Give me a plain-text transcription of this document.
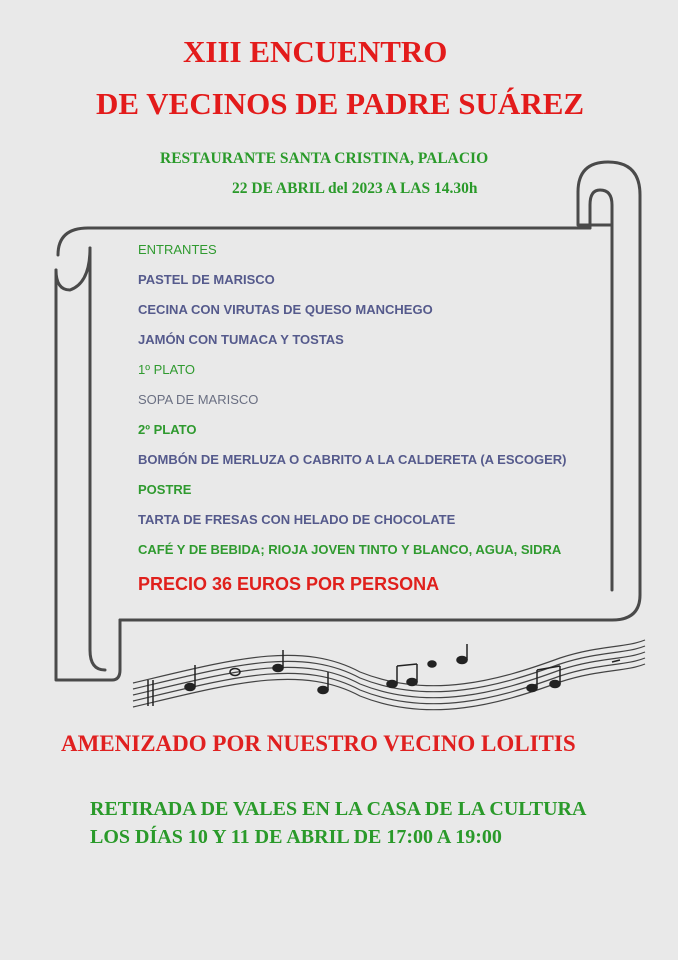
XIII ENCUENTRO
DE VECINOS DE PADRE SUÁREZ
RESTAURANTE SANTA CRISTINA, PALACIO
22 DE ABRIL del 2023 A LAS 14.30h
ENTRANTES
PASTEL DE MARISCO
CECINA CON VIRUTAS DE QUESO MANCHEGO
JAMÓN CON TUMACA Y TOSTAS
1º PLATO
SOPA DE MARISCO
2º PLATO
BOMBÓN DE MERLUZA O CABRITO A LA CALDERETA (A ESCOGER)
POSTRE
TARTA DE FRESAS CON HELADO DE CHOCOLATE
CAFÉ Y DE BEBIDA; RIOJA JOVEN TINTO Y BLANCO, AGUA, SIDRA
PRECIO 36 EUROS POR PERSONA
AMENIZADO POR NUESTRO VECINO LOLITIS
RETIRADA DE VALES EN LA CASA DE LA CULTURA
LOS DÍAS 10 Y 11 DE ABRIL DE 17:00 A 19:00
